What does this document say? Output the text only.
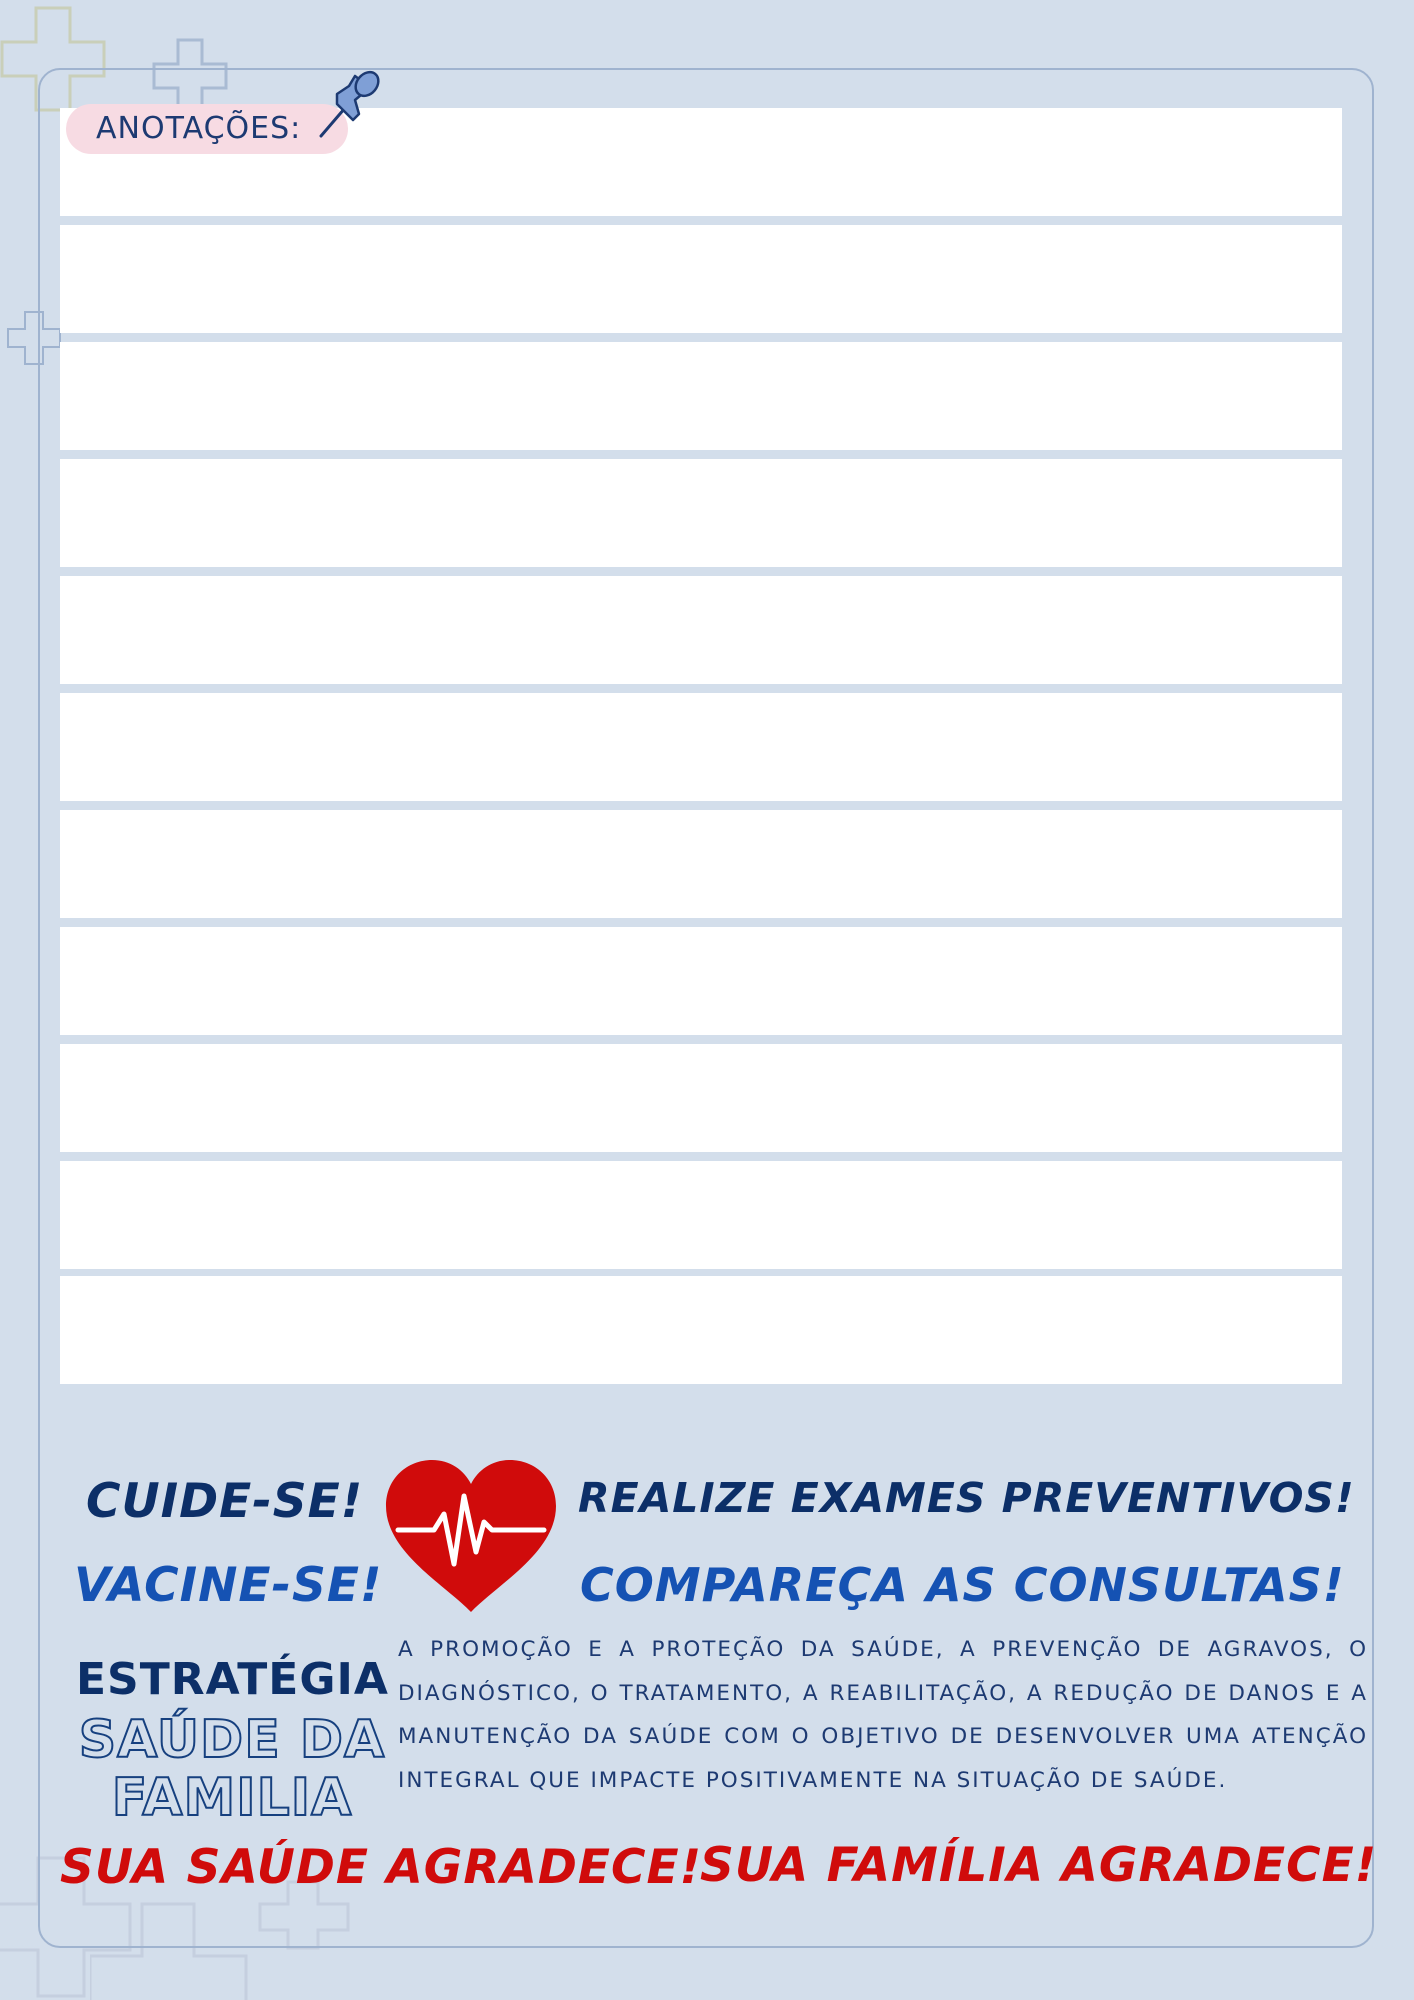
ANOTAÇÕES:
CUIDE-SE!
VACINE-SE!
REALIZE EXAMES PREVENTIVOS!
COMPAREÇA AS CONSULTAS!
ESTRATÉGIA
SAÚDE DA
FAMILIA
A PROMOÇÃO E A PROTEÇÃO DA SAÚDE, A PREVENÇÃO DE AGRAVOS, O DIAGNÓSTICO, O TRATAMENTO, A REABILITAÇÃO, A REDUÇÃO DE DANOS E A MANUTENÇÃO DA SAÚDE COM O OBJETIVO DE DESENVOLVER UMA ATENÇÃO INTEGRAL QUE IMPACTE POSITIVAMENTE NA SITUAÇÃO DE SAÚDE.
SUA SAÚDE AGRADECE!
SUA FAMÍLIA AGRADECE!
